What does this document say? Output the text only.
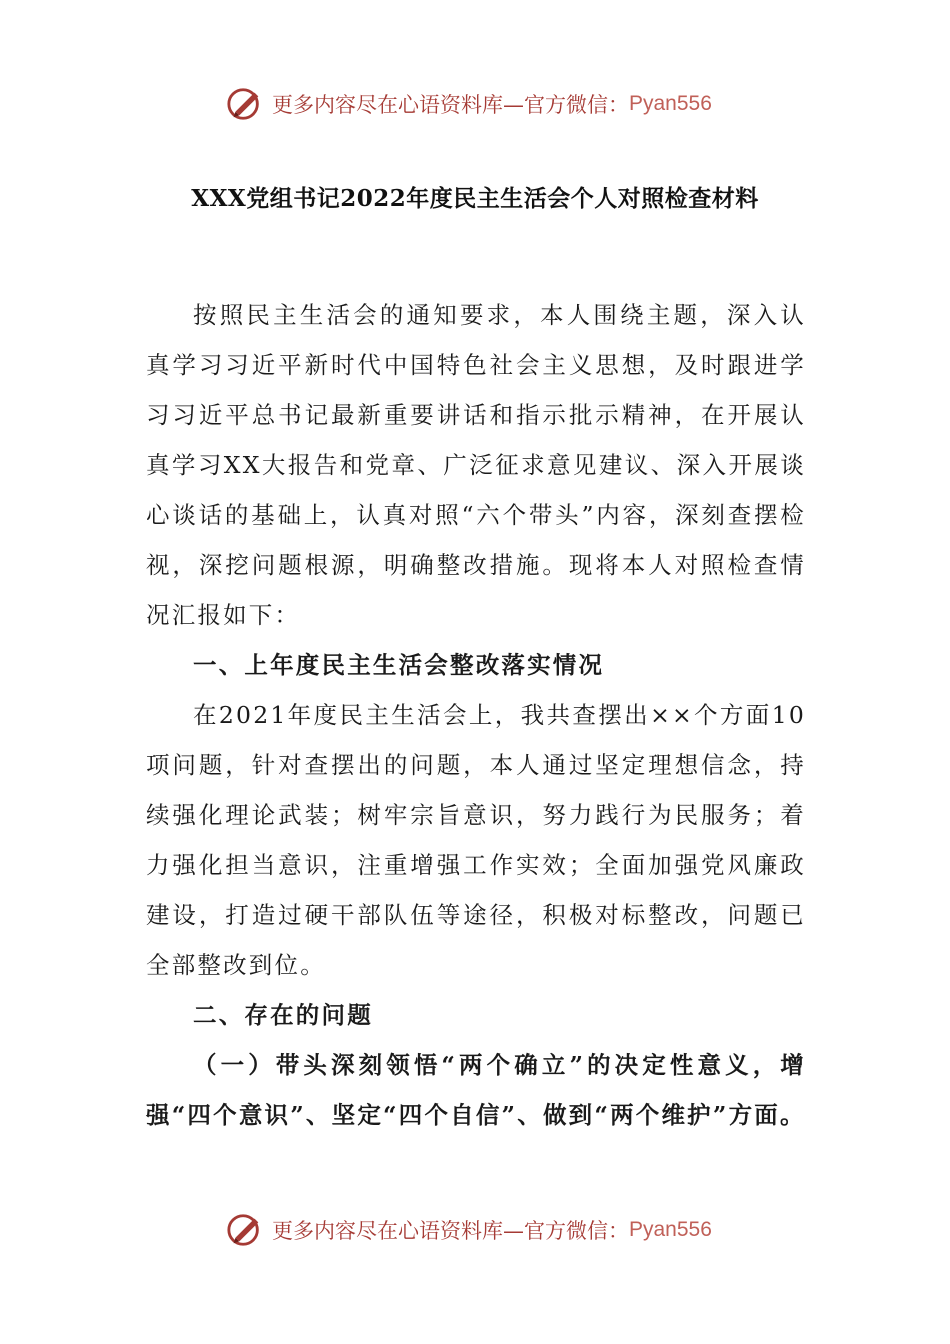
更多内容尽在心语资料库—官方微信： Pyan556
XXX党组书记2022年度民主生活会个人对照检查材料

按照民主生活会的通知要求，本人围绕主题，深入认真学习习近平新时代中国特色社会主义思想，及时跟进学习习近平总书记最新重要讲话和指示批示精神，在开展认真学习XX大报告和党章、广泛征求意见建议、深入开展谈心谈话的基础上，认真对照“六个带头”内容，深刻查摆检视，深挖问题根源，明确整改措施。现将本人对照检查情况汇报如下：

一、上年度民主生活会整改落实情况

在2021年度民主生活会上，我共查摆出××个方面10项问题，针对查摆出的问题，本人通过坚定理想信念，持续强化理论武装；树牢宗旨意识，努力践行为民服务；着力强化担当意识，注重增强工作实效；全面加强党风廉政建设，打造过硬干部队伍等途径，积极对标整改，问题已全部整改到位。

二、存在的问题

（一）带头深刻领悟“两个确立”的决定性意义，增强“四个意识”、坚定“四个自信”、做到“两个维护”方面。

更多内容尽在心语资料库—官方微信： Pyan556
